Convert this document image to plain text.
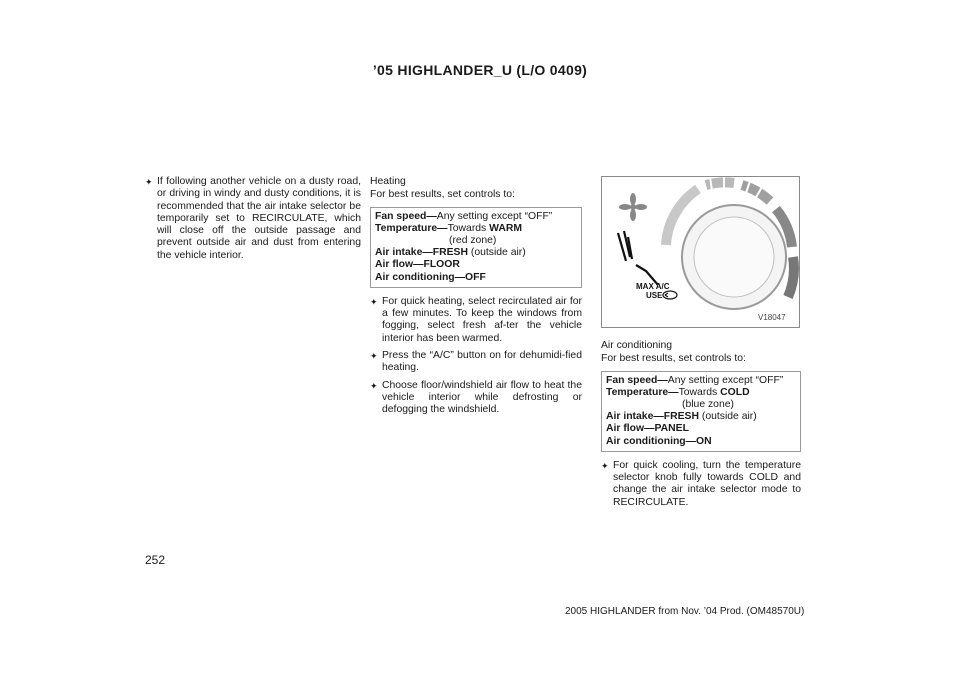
’05 HIGHLANDER_U (L/O 0409)
✦ If following another vehicle on a dusty road, or driving in windy and dusty conditions, it is recommended that the air intake selector be temporarily set to RECIRCULATE, which will close off the outside passage and prevent outside air and dust from entering the vehicle interior.
Heating
For best results, set controls to:
Fan speed—Any setting except “OFF”
Temperature—Towards WARM
(red zone)
Air intake—FRESH (outside air)
Air flow—FLOOR
Air conditioning—OFF
✦ For quick heating, select recirculated air for a few minutes. To keep the windows from fogging, select fresh af-ter the vehicle interior has been warmed.
✦ Press the “A/C” button on for dehumidi-fied heating.
✦ Choose floor/windshield air flow to heat the vehicle interior while defrosting or defogging the windshield.
MAX A/C
USE
V18047
Air conditioning
For best results, set controls to:
Fan speed—Any setting except “OFF”
Temperature—Towards COLD
(blue zone)
Air intake—FRESH (outside air)
Air flow—PANEL
Air conditioning—ON
✦ For quick cooling, turn the temperature selector knob fully towards COLD and change the air intake selector mode to RECIRCULATE.
252
2005 HIGHLANDER from Nov. ’04 Prod. (OM48570U)
